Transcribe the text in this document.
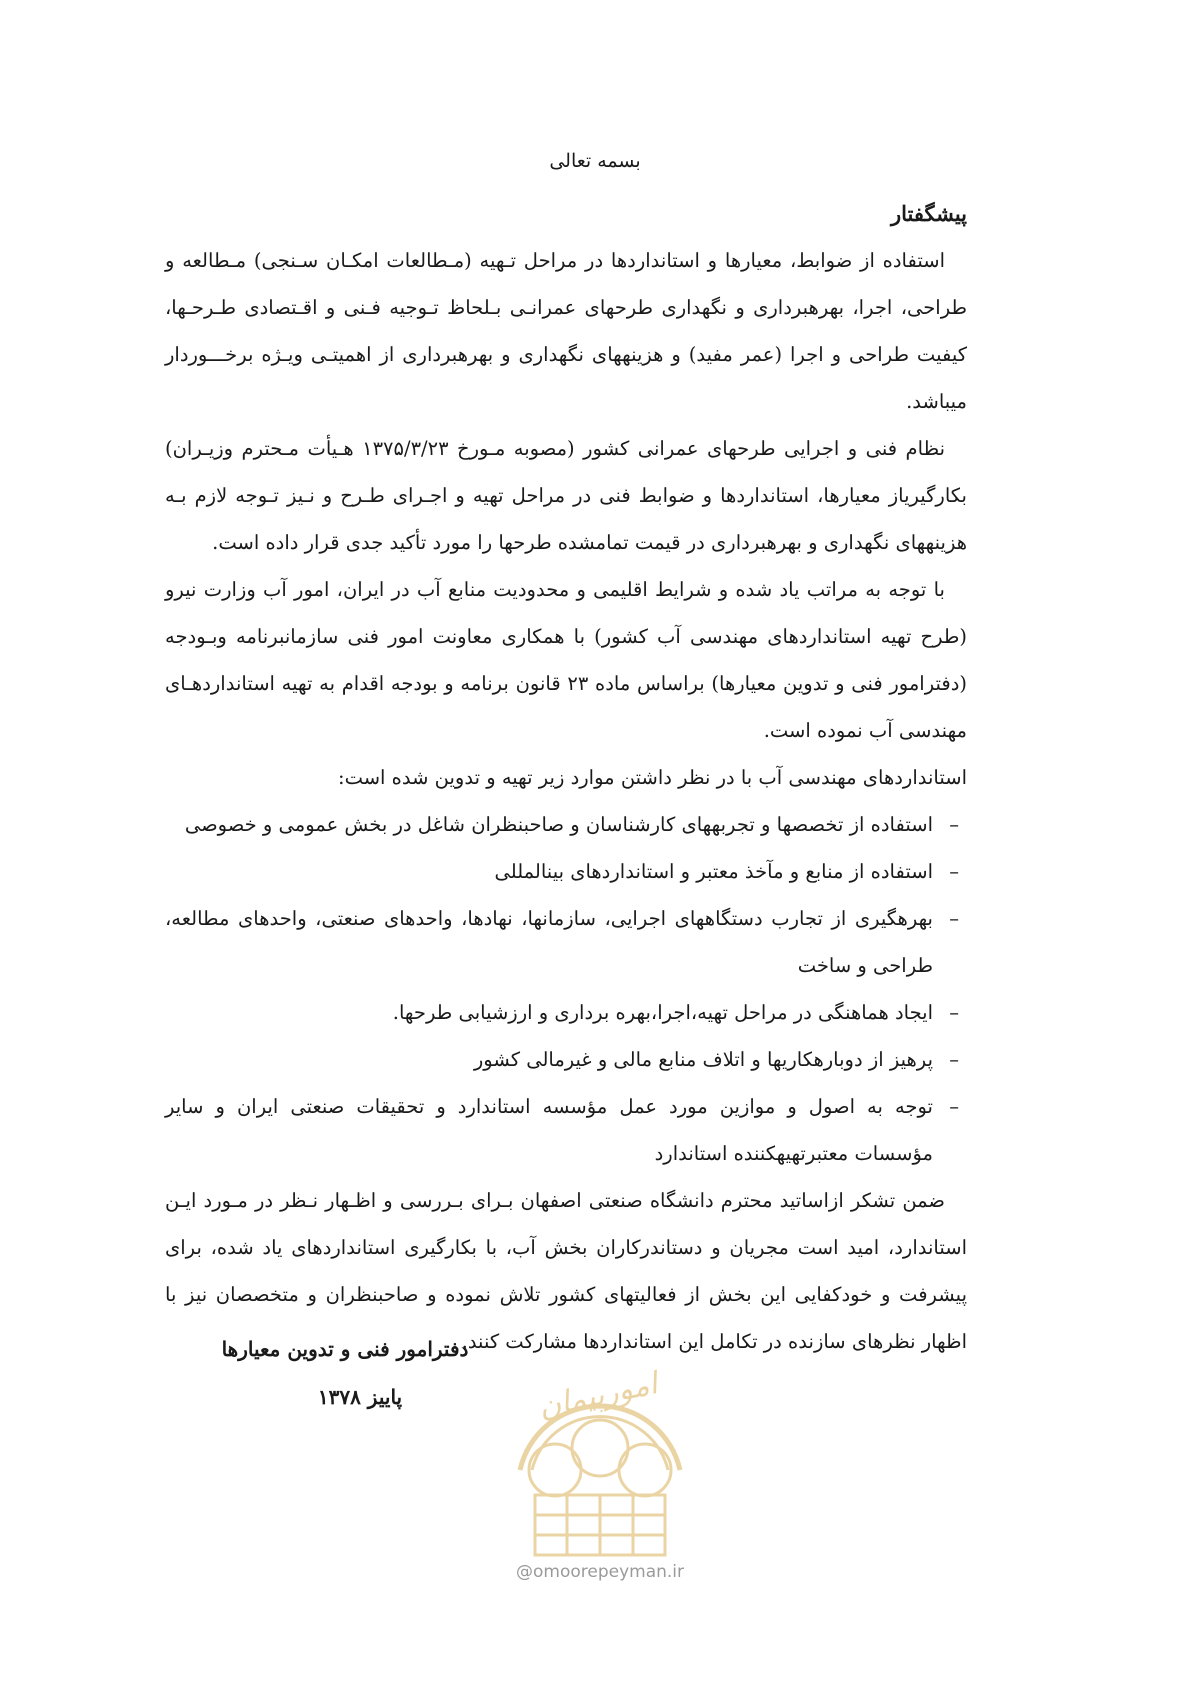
بسمه تعالی

پیشگفتار

استفاده از ضوابط، معیارها و استانداردها در مراحل تـهیه (مـطالعات امکـان سـنجی) مـطالعه و طراحی، اجرا، بهرهبرداری و نگهداری طرحهای عمرانـی بـلحاظ تـوجیه فـنی و اقـتصادی طـرحـها، کیفیت طراحی و اجرا (عمر مفید) و هزینههای نگهداری و بهرهبرداری از اهمیتـی ویـژه برخـــوردار میباشد.

نظام فنی و اجرایی طرحهای عمرانی کشور (مصوبه مـورخ ۱۳۷۵/۳/۲۳ هـیأت مـحترم وزیـران) بکارگیریاز معیارها، استانداردها و ضوابط فنی در مراحل تهیه و اجـرای طـرح و نـیز تـوجه لازم بـه هزینههای نگهداری و بهرهبرداری در قیمت تمامشده طرحها را مورد تأکید جدی قرار داده است.

با توجه به مراتب یاد شده و شرایط اقلیمی و محدودیت منابع آب در ایران، امور آب وزارت نیرو (طرح تهیه استانداردهای مهندسی آب کشور) با همکاری معاونت امور فنی سازمانبرنامه وبـودجه (دفترامور فنی و تدوین معیارها) براساس ماده ۲۳ قانون برنامه و بودجه اقدام به تهیه استانداردهـای مهندسی آب نموده است.

استانداردهای مهندسی آب با در نظر داشتن موارد زیر تهیه و تدوین شده است:

– استفاده از تخصصها و تجربههای کارشناسان و صاحبنظران شاغل در بخش عمومی و خصوصی
– استفاده از منابع و مآخذ معتبر و استانداردهای بینالمللی
– بهرهگیری از تجارب دستگاههای اجرایی، سازمانها، نهادها، واحدهای صنعتی، واحدهای مطالعه، طراحی و ساخت
– ایجاد هماهنگی در مراحل تهیه،اجرا،بهره برداری و ارزشیابی طرحها.
– پرهیز از دوبارهکاریها و اتلاف منابع مالی و غیرمالی کشور
– توجه به اصول و موازین مورد عمل مؤسسه استاندارد و تحقیقات صنعتی ایران و سایر مؤسسات معتبرتهیهکننده استاندارد

ضمن تشکر ازاساتید محترم دانشگاه صنعتی اصفهان بـرای بـررسی و اظـهار نـظر در مـورد ایـن استاندارد، امید است مجریان و دستاندرکاران بخش آب، با بکارگیری استانداردهای یاد شده، برای پیشرفت و خودکفایی این بخش از فعالیتهای کشور تلاش نموده و صاحبنظران و متخصصان نیز با اظهار نظرهای سازنده در تکامل این استانداردها مشارکت کنند.

دفترامور فنی و تدوین معیارها
پاییز ۱۳۷۸	امورپیمان
@omoorepeyman.ir
